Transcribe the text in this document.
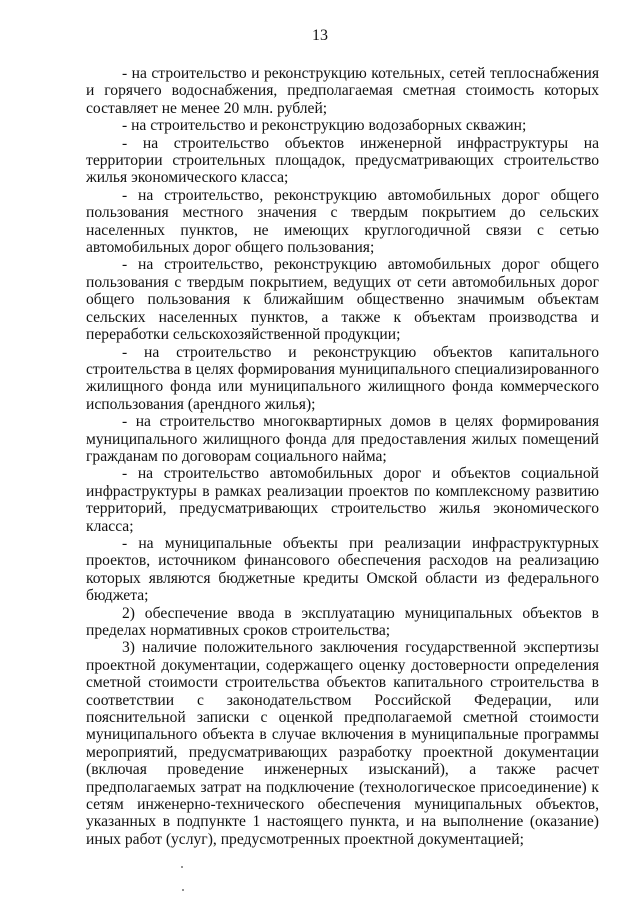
13

- на строительство и реконструкцию котельных, сетей теплоснабжения и горячего водоснабжения, предполагаемая сметная стоимость которых составляет не менее 20 млн. рублей;

- на строительство и реконструкцию водозаборных скважин;

- на строительство объектов инженерной инфраструктуры на территории строительных площадок, предусматривающих строительство жилья экономического класса;

- на строительство, реконструкцию автомобильных дорог общего пользования местного значения с твердым покрытием до сельских населенных пунктов, не имеющих круглогодичной связи с сетью автомобильных дорог общего пользования;

- на строительство, реконструкцию автомобильных дорог общего пользования с твердым покрытием, ведущих от сети автомобильных дорог общего пользования к ближайшим общественно значимым объектам сельских населенных пунктов, а также к объектам производства и переработки сельскохозяйственной продукции;

- на строительство и реконструкцию объектов капитального строительства в целях формирования муниципального специализированного жилищного фонда или муниципального жилищного фонда коммерческого использования (арендного жилья);

- на строительство многоквартирных домов в целях формирования муниципального жилищного фонда для предоставления жилых помещений гражданам по договорам социального найма;

- на строительство автомобильных дорог и объектов социальной инфраструктуры в рамках реализации проектов по комплексному развитию территорий, предусматривающих строительство жилья экономического класса;

- на муниципальные объекты при реализации инфраструктурных проектов, источником финансового обеспечения расходов на реализацию которых являются бюджетные кредиты Омской области из федерального бюджета;

2) обеспечение ввода в эксплуатацию муниципальных объектов в пределах нормативных сроков строительства;

3) наличие положительного заключения государственной экспертизы проектной документации, содержащего оценку достоверности определения сметной стоимости строительства объектов капитального строительства в соответствии с законодательством Российской Федерации, или пояснительной записки с оценкой предполагаемой сметной стоимости муниципального объекта в случае включения в муниципальные программы мероприятий, предусматривающих разработку проектной документации (включая проведение инженерных изысканий), а также расчет предполагаемых затрат на подключение (технологическое присоединение) к сетям инженерно-технического обеспечения муниципальных объектов, указанных в подпункте 1 настоящего пункта, и на выполнение (оказание) иных работ (услуг), предусмотренных проектной документацией;
